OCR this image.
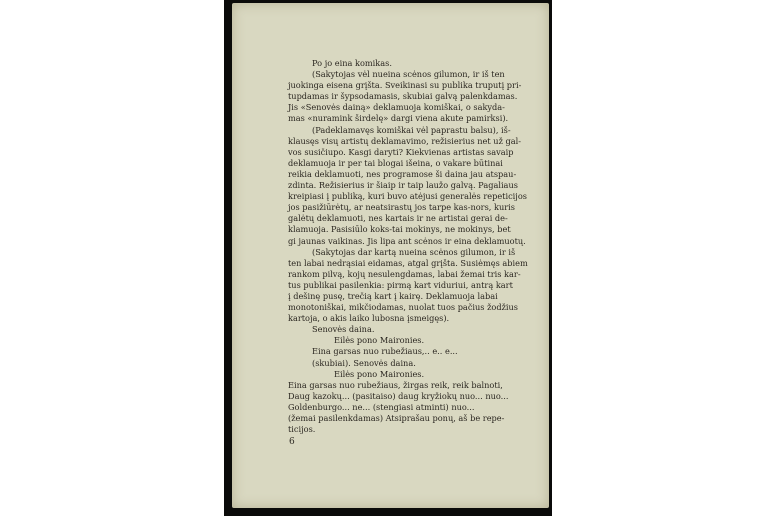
Po jo eina komikas.
(Sakytojas vėl nueina scėnos gilumon, ir iš ten
juokinga eisena grįšta. Sveikinasi su publika truputį pri-
tupdamas ir šypsodamasis, skubiai galvą palenkdamas.
Jis «Senovės dainą» deklamuoja komiškai, o sakyda-
mas «nuramink širdelę» dargi viena akute pamirksi).
(Padeklamavęs komiškai vėl paprastu balsu), iš-
klausęs visų artistų deklamavimo, režisierius net už gal-
vos susičiupo. Kasgi daryti? Kiekvienas artistas savaip
deklamuoja ir per tai blogai išeina, o vakare būtinai
reikia deklamuoti, nes programose ši daina jau atspau-
zdinta. Režisierius ir šiaip ir taip laužo galvą. Pagaliaus
kreipiasi į publiką, kuri buvo atėjusi generalės repeticijos
jos pasižiūrėtų, ar neatsirastų jos tarpe kas-nors, kuris
galėtų deklamuoti, nes kartais ir ne artistai gerai de-
klamuoja. Pasisiūlo koks-tai mokinys, ne mokinys, bet
gi jaunas vaikinas. Jis lipa ant scėnos ir eina deklamuotų.
(Sakytojas dar kartą nueina scėnos gilumon, ir iš
ten labai nedrąsiai eidamas, atgal grįšta. Susiėmęs abiem
rankom pilvą, kojų nesulengdamas, labai žemai tris kar-
tus publikai pasilenkia: pirmą kart viduriui, antrą kart
į dešinę pusę, trečią kart į kairę. Deklamuoja labai
monotoniškai, mikčiodamas, nuolat tuos pačius žodžius
kartoja, o akis laiko lubosna įsmeigęs).
Senovės daina.
Eilės pono Maironies.
Eina garsas nuo rubežiaus,.. e.. e...
(skubiai). Senovės daina.
Eilės pono Maironies.
Eina garsas nuo rubežiaus, žirgas reik, reik balnoti,
Daug kazokų... (pasitaiso) daug kryžiokų nuo... nuo...
Goldenburgo... ne... (stengiasi atminti) nuo...
(žemai pasilenkdamas) Atsiprašau ponų, aš be repe-
ticijos.
6
